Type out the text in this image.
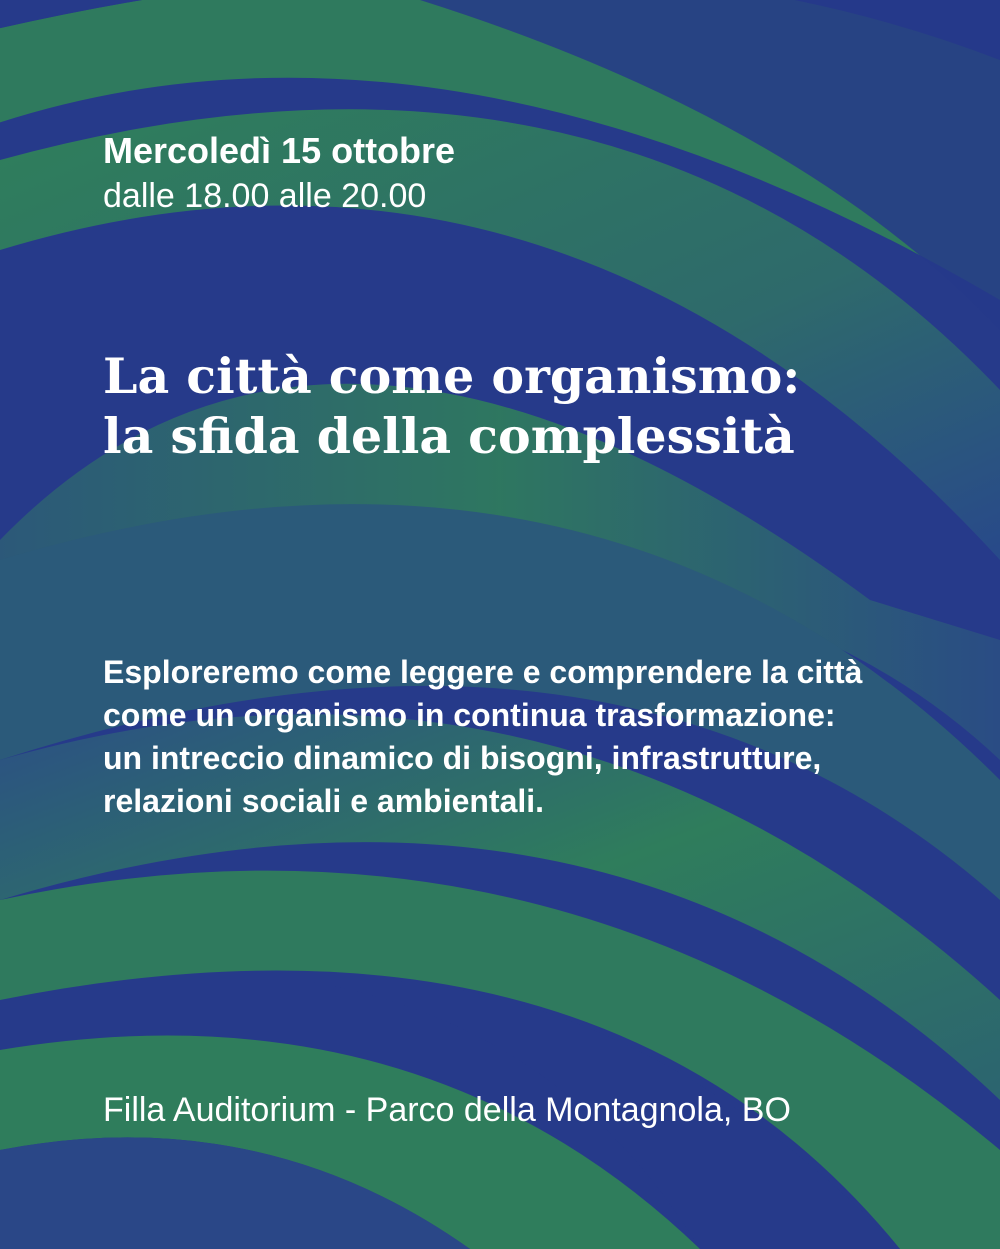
Mercoledì 15 ottobre
dalle 18.00 alle 20.00
La città come organismo:
la sfida della complessità
Esploreremo come leggere e comprendere la città come un organismo in continua trasformazione: un intreccio dinamico di bisogni, infrastrutture, relazioni sociali e ambientali.
Filla Auditorium - Parco della Montagnola, BO
